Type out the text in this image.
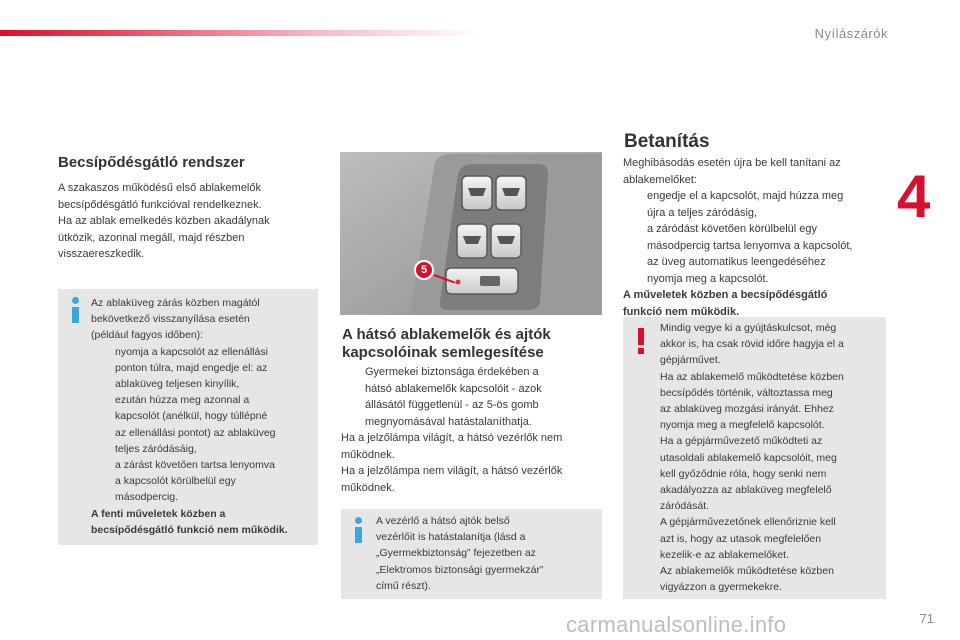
Nyílászárók
4
Becsípődésgátló rendszer
A szakaszos működésű első ablakemelők
becsípődésgátló funkcióval rendelkeznek.
Ha az ablak emelkedés közben akadálynak
ütközik, azonnal megáll, majd részben
visszaereszkedik.
Az ablaküveg zárás közben magától
bekövetkező visszanyílása esetén
(például fagyos időben):
nyomja a kapcsolót az ellenállási
ponton túlra, majd engedje el: az
ablaküveg teljesen kinyílik,
ezután húzza meg azonnal a
kapcsolót (anélkül, hogy túllépné
az ellenállási pontot) az ablaküveg
teljes záródásáig,
a zárást követően tartsa lenyomva
a kapcsolót körülbelül egy
másodpercig.
A fenti műveletek közben a
becsípődésgátló funkció nem működik.
5
A hátsó ablakemelők és ajtók
kapcsolóinak semlegesítése
Gyermekei biztonsága érdekében a
hátsó ablakemelők kapcsolóit - azok
állásától függetlenül - az 5-ös gomb
megnyomásával hatástalaníthatja.
Ha a jelzőlámpa világít, a hátsó vezérlők nem
működnek.
Ha a jelzőlámpa nem világít, a hátsó vezérlők
működnek.
A vezérlő a hátsó ajtók belső
vezérlőit is hatástalanítja (lásd a
„Gyermekbiztonság” fejezetben az
„Elektromos biztonsági gyermekzár”
című részt).
Betanítás
Meghibásodás esetén újra be kell tanítani az
ablakemelőket:
engedje el a kapcsolót, majd húzza meg
újra a teljes záródásig,
a záródást követően körülbelül egy
másodpercig tartsa lenyomva a kapcsolót,
az üveg automatikus leengedéséhez
nyomja meg a kapcsolót.
A műveletek közben a becsípődésgátló
funkció nem működik.
Mindig vegye ki a gyújtáskulcsot, még
akkor is, ha csak rövid időre hagyja el a
gépjárművet.
Ha az ablakemelő működtetése közben
becsípődés történik, változtassa meg
az ablaküveg mozgási irányát. Ehhez
nyomja meg a megfelelő kapcsolót.
Ha a gépjárművezető működteti az
utasoldali ablakemelő kapcsolóit, meg
kell győződnie róla, hogy senki nem
akadályozza az ablaküveg megfelelő
záródását.
A gépjárművezetőnek ellenőriznie kell
azt is, hogy az utasok megfelelően
kezelik-e az ablakemelőket.
Az ablakemelők működtetése közben
vigyázzon a gyermekekre.
carmanualsonline.info	71
